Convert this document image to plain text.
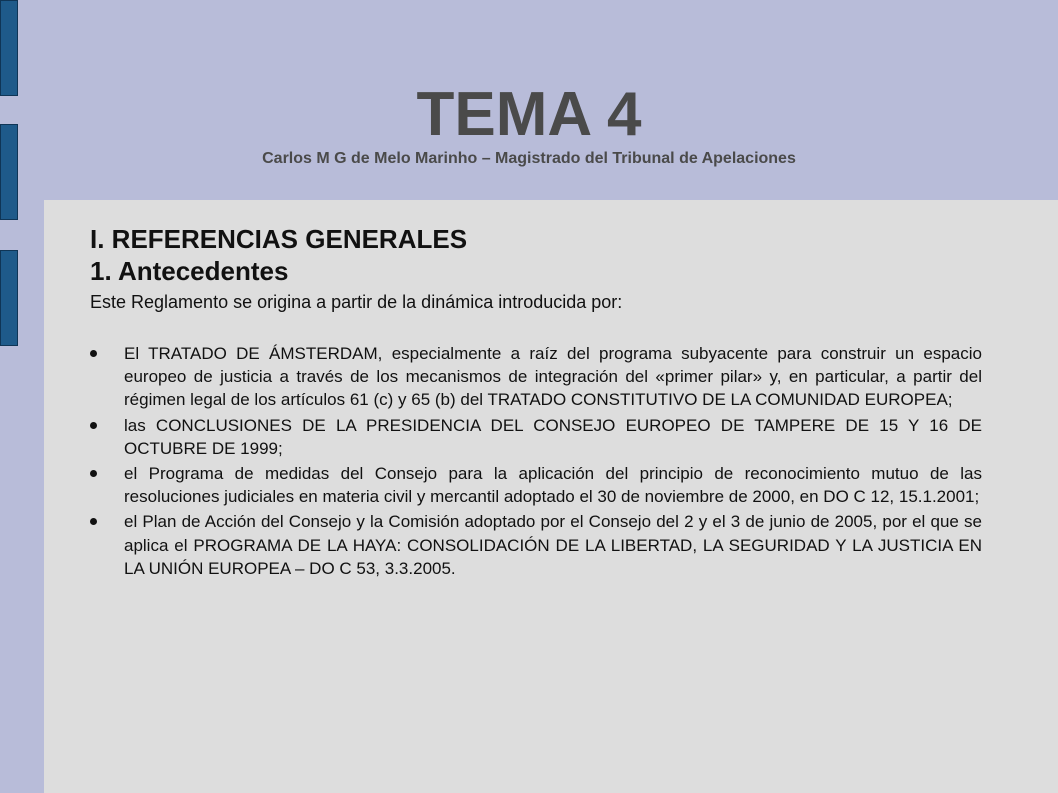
TEMA 4
Carlos M G de Melo Marinho – Magistrado del Tribunal de Apelaciones

I. REFERENCIAS GENERALES

1. Antecedentes

Este Reglamento se origina a partir de la dinámica introducida por:

El TRATADO DE ÁMSTERDAM, especialmente a raíz del programa subyacente para construir un espacio europeo de justicia a través de los mecanismos de integración del «primer pilar» y, en particular, a partir del régimen legal de los artículos 61 (c) y 65 (b) del TRATADO CONSTITUTIVO DE LA COMUNIDAD EUROPEA;
las CONCLUSIONES DE LA PRESIDENCIA DEL CONSEJO EUROPEO DE TAMPERE DE 15 Y 16 DE OCTUBRE DE 1999;
el Programa de medidas del Consejo para la aplicación del principio de reconocimiento mutuo de las resoluciones judiciales en materia civil y mercantil adoptado el 30 de noviembre de 2000, en DO C 12, 15.1.2001;
el Plan de Acción del Consejo y la Comisión adoptado por el Consejo del 2 y el 3 de junio de 2005, por el que se aplica el PROGRAMA DE LA HAYA: CONSOLIDACIÓN DE LA LIBERTAD, LA SEGURIDAD Y LA JUSTICIA EN LA UNIÓN EUROPEA – DO C 53, 3.3.2005.
